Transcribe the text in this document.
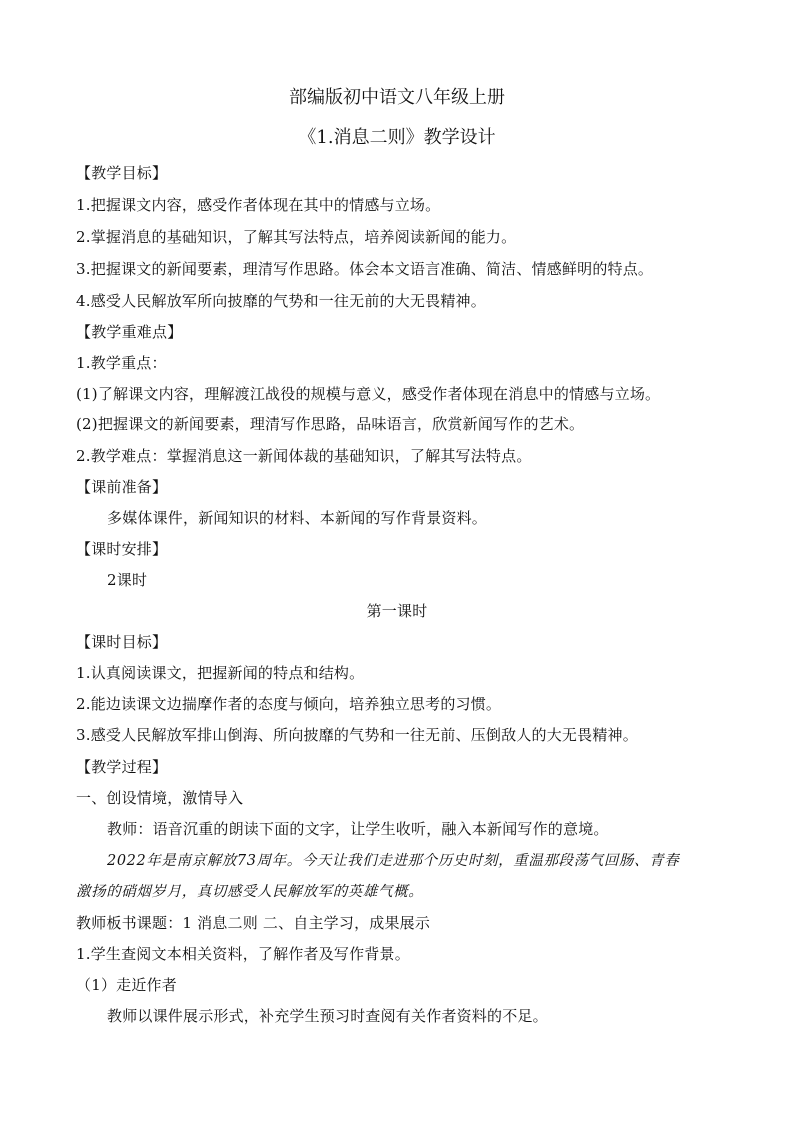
部编版初中语文八年级上册
《1.消息二则》教学设计
【教学目标】
1.把握课文内容，感受作者体现在其中的情感与立场。
2.掌握消息的基础知识，了解其写法特点，培养阅读新闻的能力。
3.把握课文的新闻要素，理清写作思路。体会本文语言准确、简洁、情感鲜明的特点。
4.感受人民解放军所向披靡的气势和一往无前的大无畏精神。
【教学重难点】
1.教学重点：
(1)了解课文内容，理解渡江战役的规模与意义，感受作者体现在消息中的情感与立场。
(2)把握课文的新闻要素，理清写作思路，品味语言，欣赏新闻写作的艺术。
2.教学难点：掌握消息这一新闻体裁的基础知识，了解其写法特点。
【课前准备】
多媒体课件，新闻知识的材料、本新闻的写作背景资料。
【课时安排】
2课时
第一课时
【课时目标】
1.认真阅读课文，把握新闻的特点和结构。
2.能边读课文边揣摩作者的态度与倾向，培养独立思考的习惯。
3.感受人民解放军排山倒海、所向披靡的气势和一往无前、压倒敌人的大无畏精神。
【教学过程】
一、创设情境，激情导入
教师：语音沉重的朗读下面的文字，让学生收听，融入本新闻写作的意境。
2022年是南京解放73周年。今天让我们走进那个历史时刻，重温那段荡气回肠、青春
激扬的硝烟岁月，真切感受人民解放军的英雄气概。
教师板书课题：1 消息二则 二、自主学习，成果展示
1.学生查阅文本相关资料，了解作者及写作背景。
（1）走近作者
教师以课件展示形式，补充学生预习时查阅有关作者资料的不足。
